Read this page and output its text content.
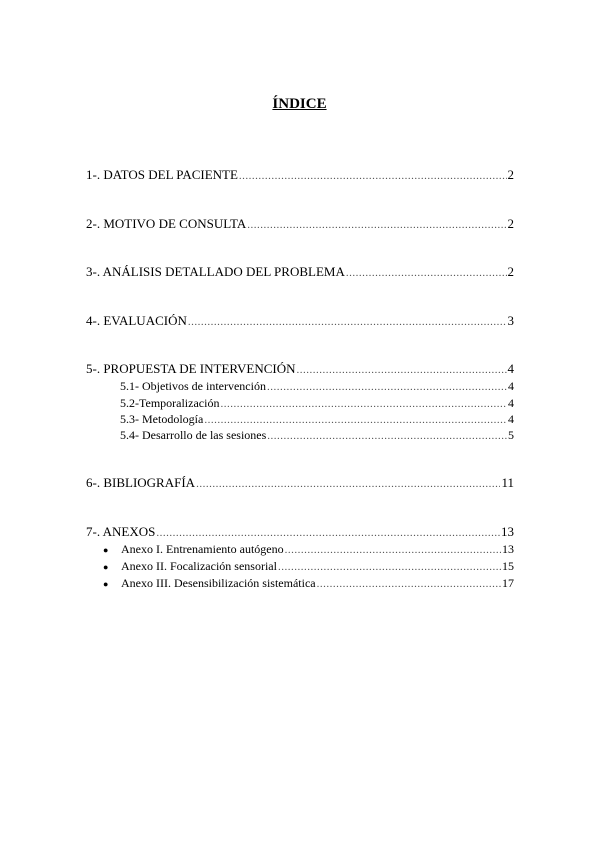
ÍNDICE
1-. DATOS DEL PACIENTE .....	2
2-. MOTIVO DE CONSULTA .....	2
3-. ANÁLISIS DETALLADO DEL PROBLEMA .....	2
4-. EVALUACIÓN .....	3
5-. PROPUESTA DE INTERVENCIÓN .....	4
5.1- Objetivos de intervención .....	4
5.2-Temporalización .....	4
5.3- Metodología .....	4
5.4- Desarrollo de las sesiones .....	5
6-. BIBLIOGRAFÍA .....	11
7-. ANEXOS .....	13
●	Anexo I. Entrenamiento autógeno .....	13
●	Anexo II. Focalización sensorial .....	15
●	Anexo III. Desensibilización sistemática .....	17
